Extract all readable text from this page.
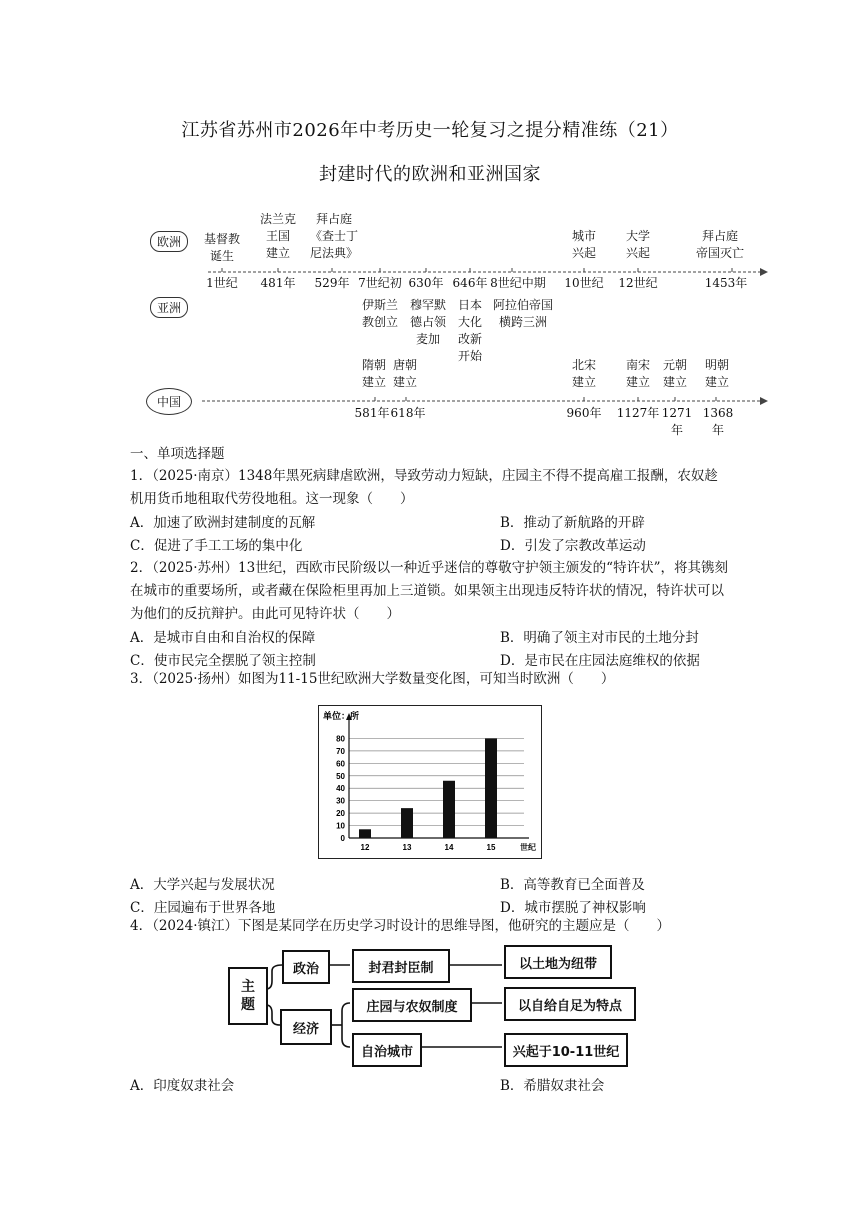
江苏省苏州市2026年中考历史一轮复习之提分精准练（21）
封建时代的欧洲和亚洲国家
欧洲
亚洲
中国
基督教
诞生
法兰克
王国
建立
拜占庭
《查士丁
尼法典》
城市
兴起
大学
兴起
拜占庭
帝国灭亡
1世纪	481年 529年 7世纪初 630年 646年 8世纪中期 10世纪 12世纪	1453年
伊斯兰
教创立
穆罕默
德占领
麦加
日本
大化
改新
开始
阿拉伯帝国
横跨三洲
隋朝
建立
唐朝
建立
北宋
建立
南宋
建立
元朝
建立
明朝
建立
581年 618年	960年 1127年 1271年
1368年
一、单项选择题
1．（2025·南京）1348年黑死病肆虐欧洲，导致劳动力短缺，庄园主不得不提高雇工报酬，农奴趁机用货币地租取代劳役地租。这一现象（　　）
A．加速了欧洲封建制度的瓦解	B．推动了新航路的开辟
C．促进了手工工场的集中化	D．引发了宗教改革运动
2．（2025·苏州）13世纪，西欧市民阶级以一种近乎迷信的尊敬守护领主颁发的“特许状”，将其镌刻在城市的重要场所，或者藏在保险柜里再加上三道锁。如果领主出现违反特许状的情况，特许状可以为他们的反抗辩护。由此可见特许状（　　）
A．是城市自由和自治权的保障	B．明确了领主对市民的土地分封
C．使市民完全摆脱了领主控制	D．是市民在庄园法庭维权的依据
3．（2025·扬州）如图为11-15世纪欧洲大学数量变化图，可知当时欧洲（　　）
0
10
20
30
40
50
60
70
80
单位：所
世纪
12	13	14	15
A．大学兴起与发展状况	B．高等教育已全面普及
C．庄园遍布于世界各地	D．城市摆脱了神权影响
4．（2024·镇江）下图是某同学在历史学习时设计的思维导图，他研究的主题应是（　　）
主
题
政治
经济
封君封臣制	以土地为纽带
庄园与农奴制度	以自给自足为特点
自治城市	兴起于10-11世纪
A．印度奴隶社会	B．希腊奴隶社会
